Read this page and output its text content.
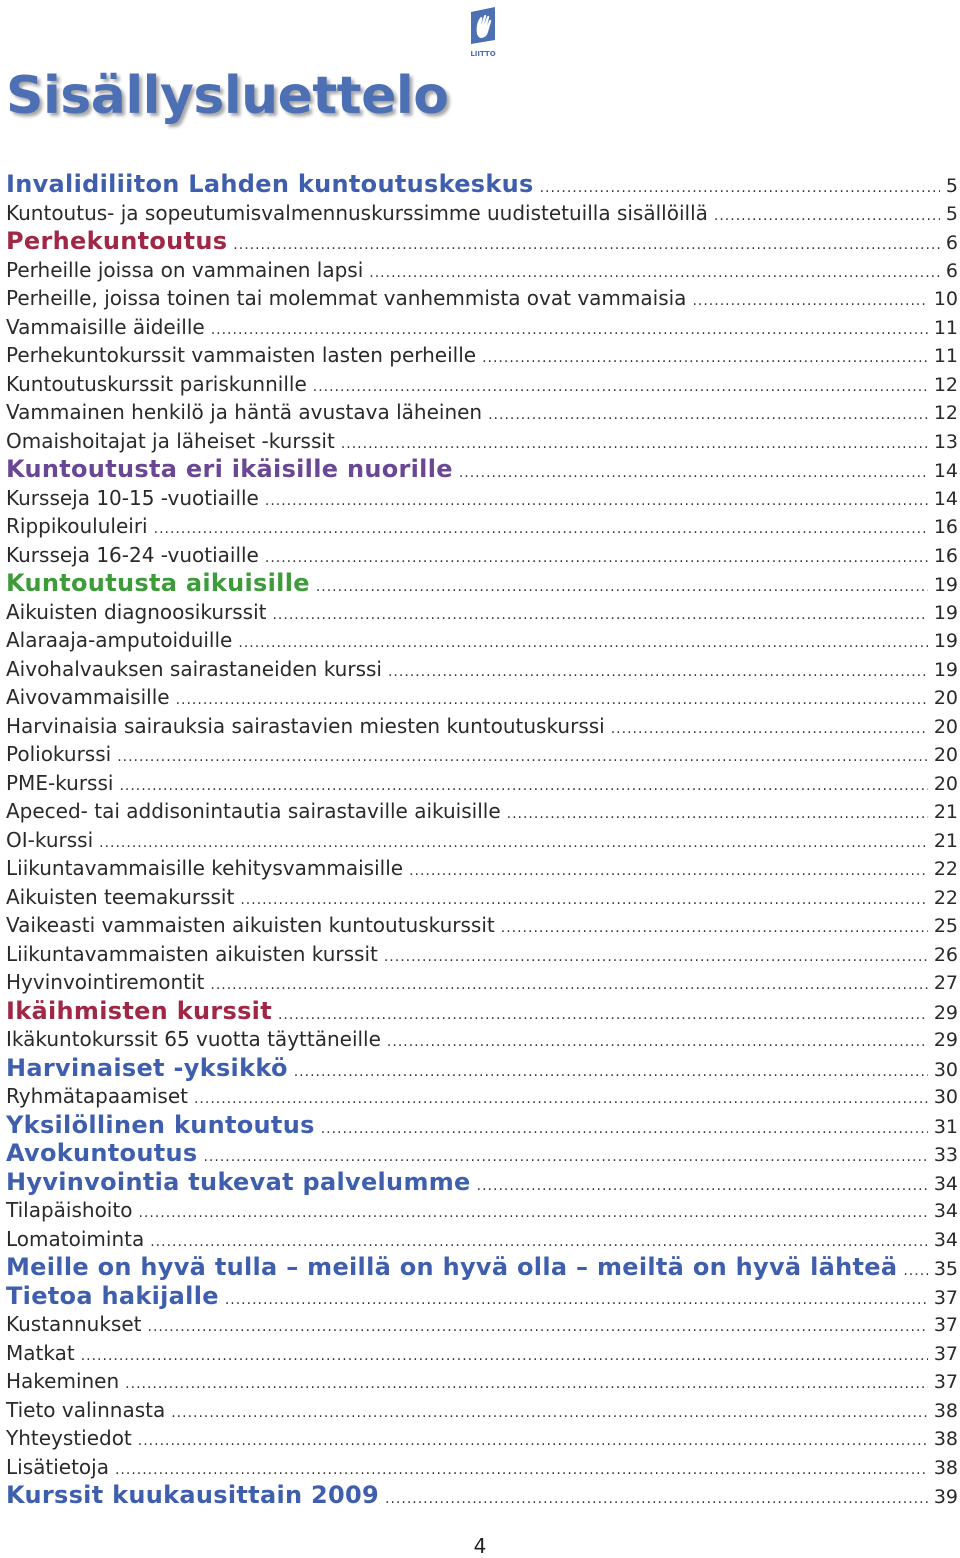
LIITTO
Sisällysluettelo
Invalidiliiton Lahden kuntoutuskeskus .....	5
Kuntoutus- ja sopeutumisvalmennuskurssimme uudistetuilla sisällöillä .....	5
Perhekuntoutus .....	6
Perheille joissa on vammainen lapsi .....	6
Perheille, joissa toinen tai molemmat vanhemmista ovat vammaisia .....	10
Vammaisille äideille .....	11
Perhekuntokurssit vammaisten lasten perheille .....	11
Kuntoutuskurssit pariskunnille .....	12
Vammainen henkilö ja häntä avustava läheinen .....	12
Omaishoitajat ja läheiset -kurssit .....	13
Kuntoutusta eri ikäisille nuorille .....	14
Kursseja 10-15 -vuotiaille .....	14
Rippikoululeiri .....	16
Kursseja 16-24 -vuotiaille .....	16
Kuntoutusta aikuisille .....	19
Aikuisten diagnoosikurssit .....	19
Alaraaja-amputoiduille .....	19
Aivohalvauksen sairastaneiden kurssi .....	19
Aivovammaisille .....	20
Harvinaisia sairauksia sairastavien miesten kuntoutuskurssi .....	20
Poliokurssi .....	20
PME-kurssi .....	20
Apeced- tai addisonintautia sairastaville aikuisille .....	21
OI-kurssi .....	21
Liikuntavammaisille kehitysvammaisille .....	22
Aikuisten teemakurssit .....	22
Vaikeasti vammaisten aikuisten kuntoutuskurssit .....	25
Liikuntavammaisten aikuisten kurssit .....	26
Hyvinvointiremontit .....	27
Ikäihmisten kurssit .....	29
Ikäkuntokurssit 65 vuotta täyttäneille .....	29
Harvinaiset -yksikkö .....	30
Ryhmätapaamiset .....	30
Yksilöllinen kuntoutus .....	31
Avokuntoutus .....	33
Hyvinvointia tukevat palvelumme .....	34
Tilapäishoito .....	34
Lomatoiminta .....	34
Meille on hyvä tulla – meillä on hyvä olla – meiltä on hyvä lähteä ..... 35
Tietoa hakijalle .....	37
Kustannukset .....	37
Matkat .....	37
Hakeminen .....	37
Tieto valinnasta .....	38
Yhteystiedot .....	38
Lisätietoja .....	38
Kurssit kuukausittain 2009 .....	39
4
